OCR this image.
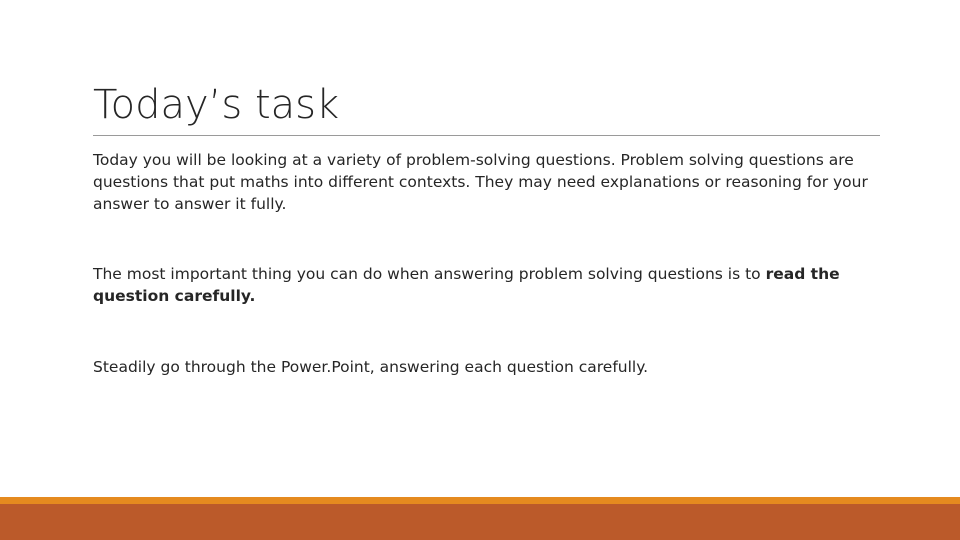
Today’s task

Today you will be looking at a variety of problem-solving questions. Problem solving questions are questions that put maths into different contexts. They may need explanations or reasoning for your answer to answer it fully.

The most important thing you can do when answering problem solving questions is to read the question carefully.

Steadily go through the Power.Point, answering each question carefully.
